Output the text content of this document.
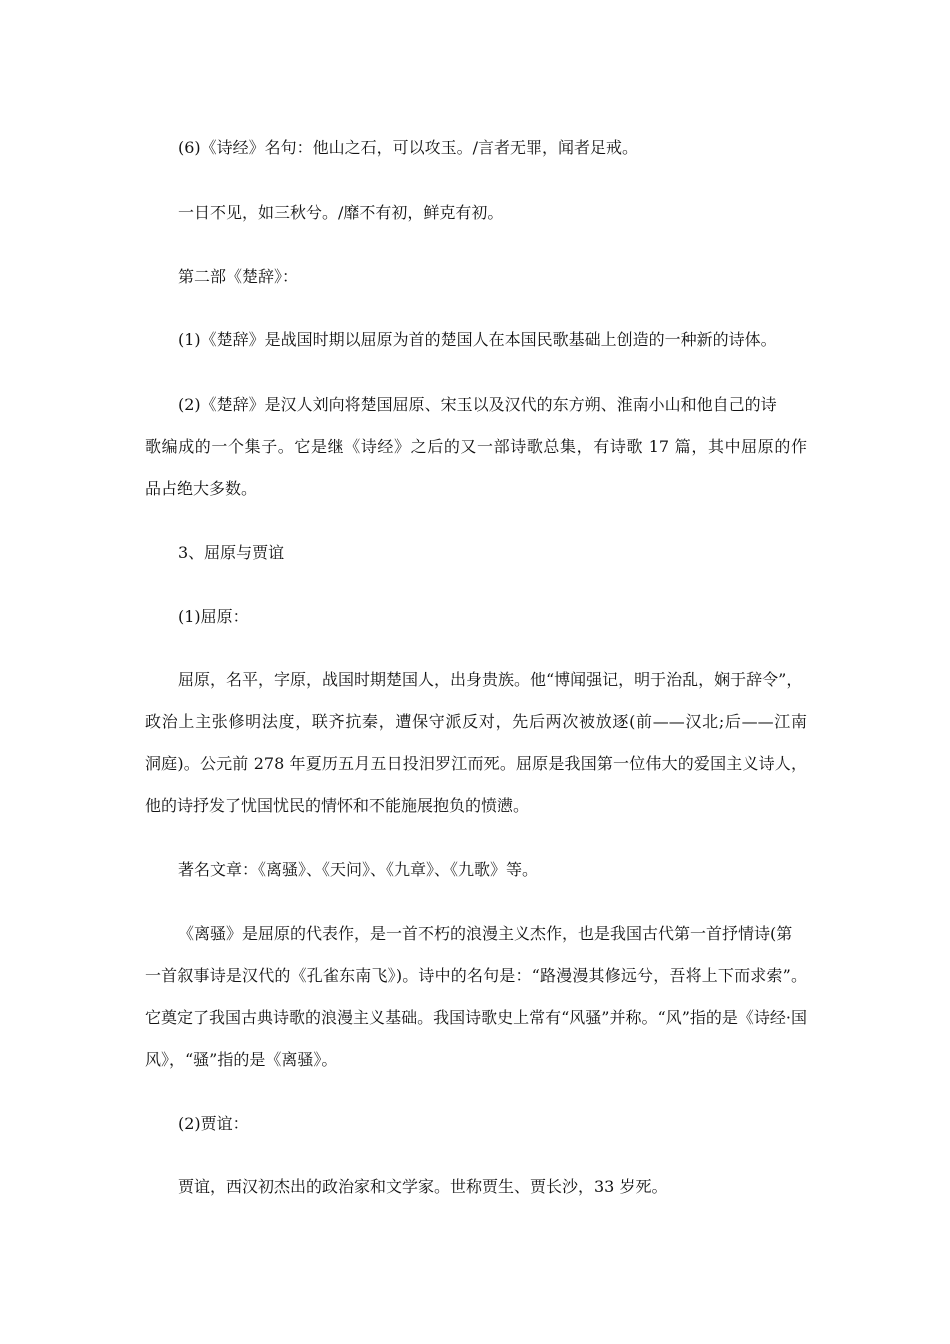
(6)《诗经》名句：他山之石，可以攻玉。/言者无罪，闻者足戒。
一日不见，如三秋兮。/靡不有初，鲜克有初。
第二部《楚辞》：
(1)《楚辞》是战国时期以屈原为首的楚国人在本国民歌基础上创造的一种新的诗体。
(2)《楚辞》是汉人刘向将楚国屈原、宋玉以及汉代的东方朔、淮南小山和他自己的诗
歌编成的一个集子。它是继《诗经》之后的又一部诗歌总集，有诗歌 17 篇，其中屈原的作
品占绝大多数。
3、屈原与贾谊
(1)屈原：
屈原，名平，字原，战国时期楚国人，出身贵族。他“博闻强记，明于治乱，娴于辞令”，
政治上主张修明法度，联齐抗秦，遭保守派反对，先后两次被放逐(前——汉北;后——江南
洞庭)。公元前 278 年夏历五月五日投汨罗江而死。屈原是我国第一位伟大的爱国主义诗人，
他的诗抒发了忧国忧民的情怀和不能施展抱负的愤懑。
著名文章：《离骚》、《天问》、《九章》、《九歌》等。
《离骚》是屈原的代表作，是一首不朽的浪漫主义杰作，也是我国古代第一首抒情诗(第
一首叙事诗是汉代的《孔雀东南飞》)。诗中的名句是：“路漫漫其修远兮，吾将上下而求索”。
它奠定了我国古典诗歌的浪漫主义基础。我国诗歌史上常有“风骚”并称。“风”指的是《诗经·国
风》，“骚”指的是《离骚》。
(2)贾谊：
贾谊，西汉初杰出的政治家和文学家。世称贾生、贾长沙，33 岁死。
